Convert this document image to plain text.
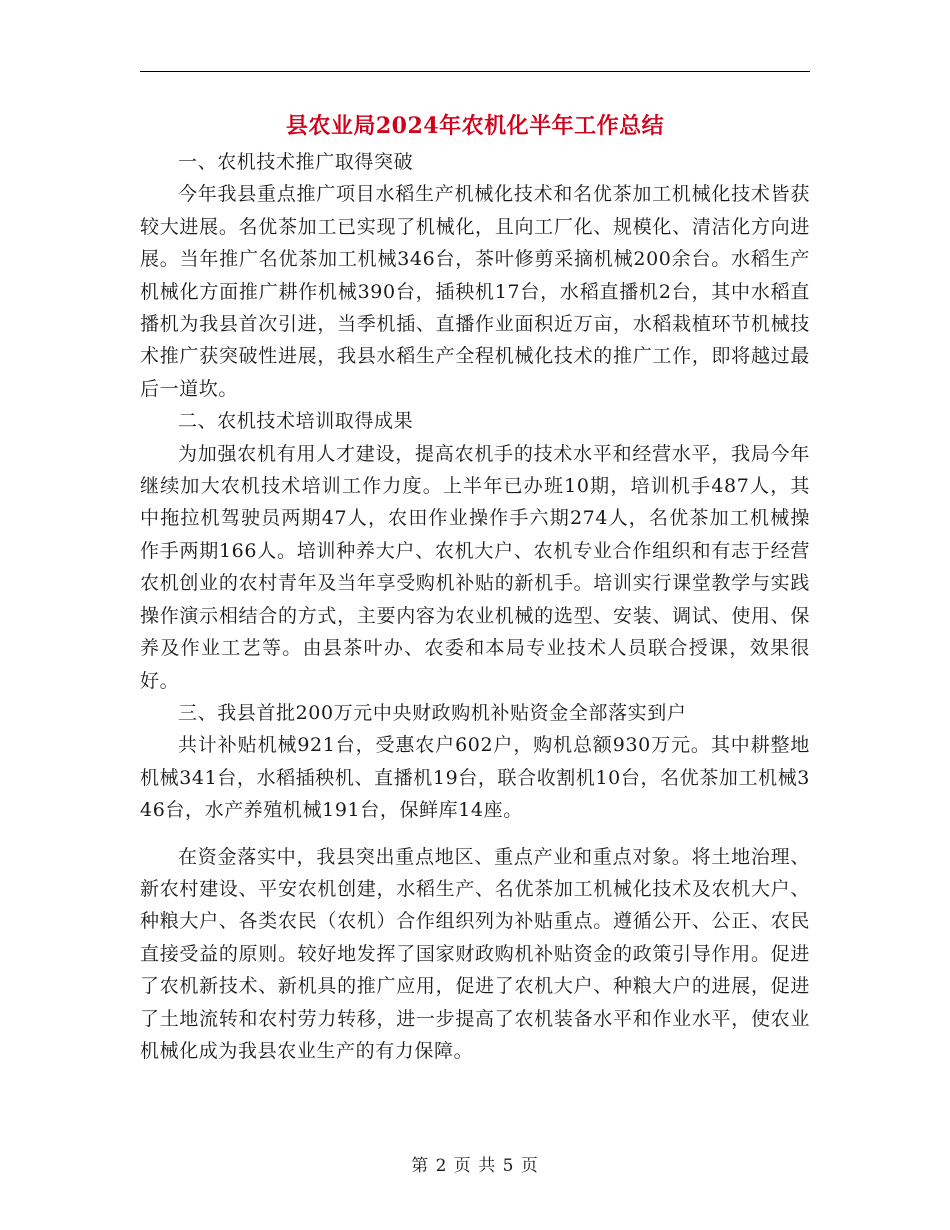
县农业局2024年农机化半年工作总结

一、农机技术推广取得突破

今年我县重点推广项目水稻生产机械化技术和名优茶加工机械化技术皆获较大进展。名优茶加工已实现了机械化，且向工厂化、规模化、清洁化方向进展。当年推广名优茶加工机械346台，茶叶修剪采摘机械200余台。水稻生产机械化方面推广耕作机械390台，插秧机17台，水稻直播机2台，其中水稻直播机为我县首次引进，当季机插、直播作业面积近万亩，水稻栽植环节机械技术推广获突破性进展，我县水稻生产全程机械化技术的推广工作，即将越过最后一道坎。

二、农机技术培训取得成果

为加强农机有用人才建设，提高农机手的技术水平和经营水平，我局今年继续加大农机技术培训工作力度。上半年已办班10期，培训机手487人，其中拖拉机驾驶员两期47人，农田作业操作手六期274人，名优茶加工机械操作手两期166人。培训种养大户、农机大户、农机专业合作组织和有志于经营农机创业的农村青年及当年享受购机补贴的新机手。培训实行课堂教学与实践操作演示相结合的方式，主要内容为农业机械的选型、安装、调试、使用、保养及作业工艺等。由县茶叶办、农委和本局专业技术人员联合授课，效果很好。

三、我县首批200万元中央财政购机补贴资金全部落实到户

共计补贴机械921台，受惠农户602户，购机总额930万元。其中耕整地机械341台，水稻插秧机、直播机19台，联合收割机10台，名优茶加工机械346台，水产养殖机械191台，保鲜库14座。

在资金落实中，我县突出重点地区、重点产业和重点对象。将土地治理、新农村建设、平安农机创建，水稻生产、名优茶加工机械化技术及农机大户、种粮大户、各类农民（农机）合作组织列为补贴重点。遵循公开、公正、农民直接受益的原则。较好地发挥了国家财政购机补贴资金的政策引导作用。促进了农机新技术、新机具的推广应用，促进了农机大户、种粮大户的进展，促进了土地流转和农村劳力转移，进一步提高了农机装备水平和作业水平，使农业机械化成为我县农业生产的有力保障。

第 2 页 共 5 页
